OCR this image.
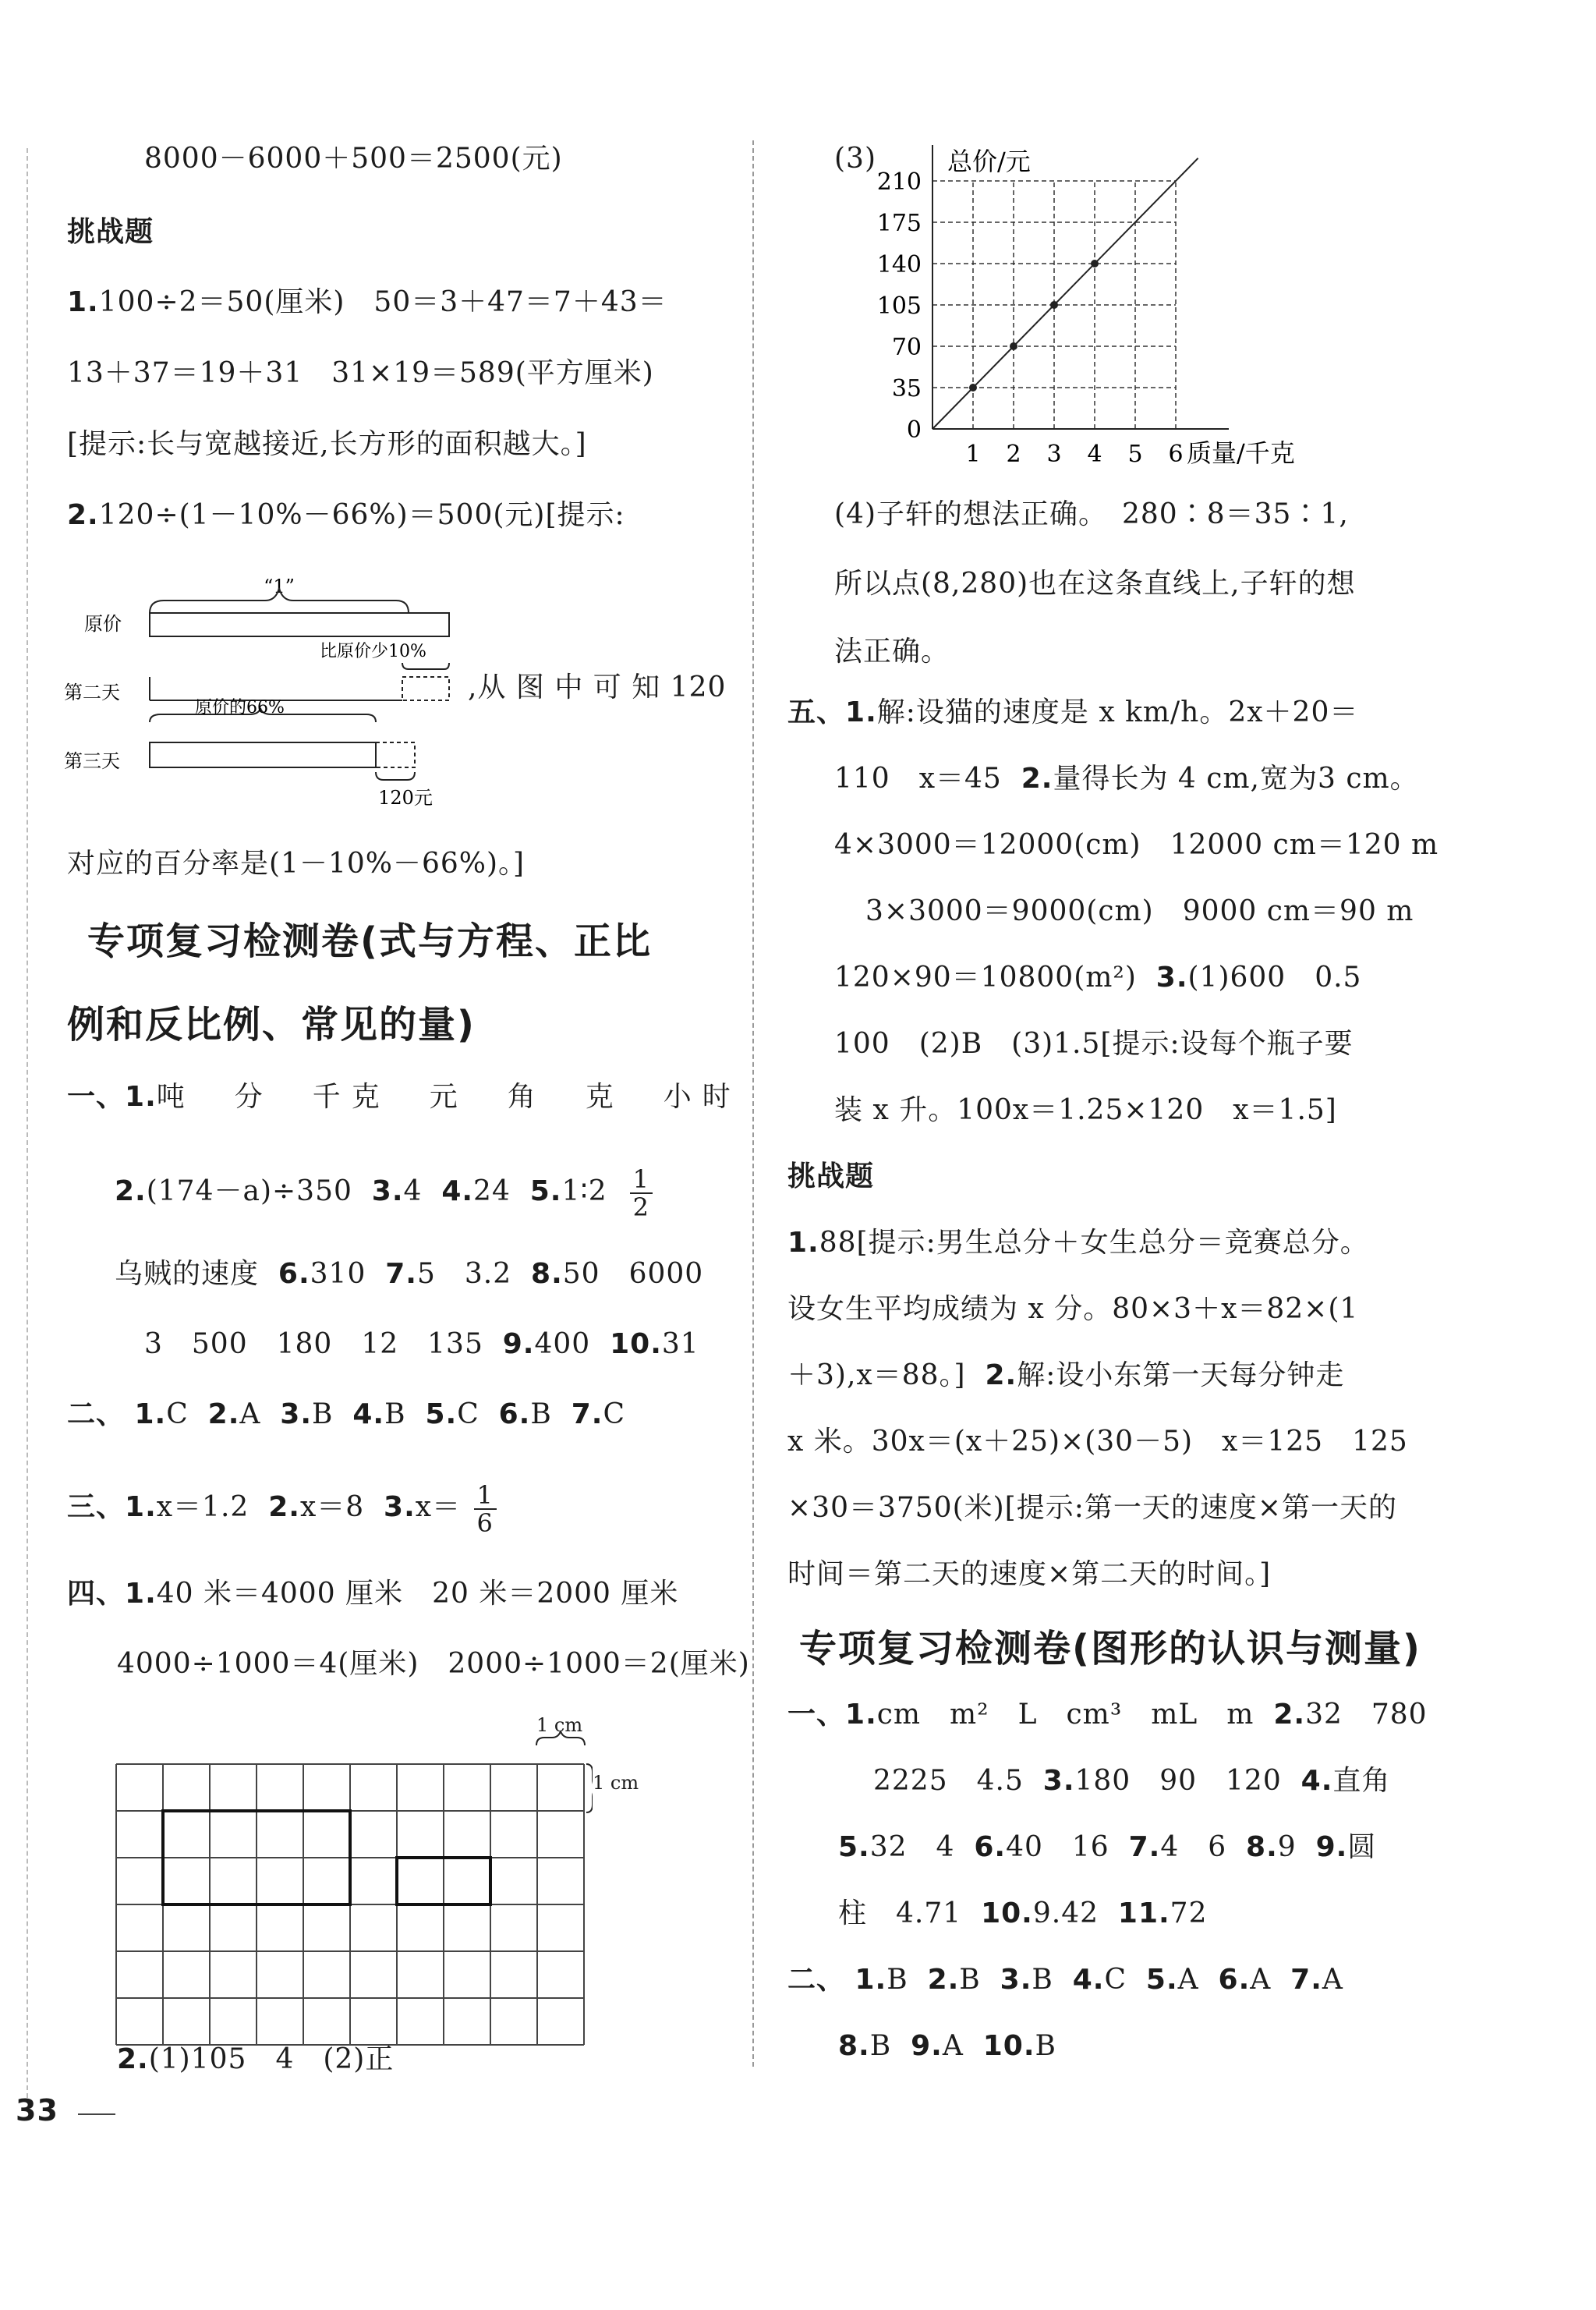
8000－6000＋500＝2500(元)
挑战题
1.100÷2＝50(厘米)　50＝3＋47＝7＋43＝
13＋37＝19＋31　31×19＝589(平方厘米)
[提示:长与宽越接近,长方形的面积越大。]
2.120÷(1－10%－66%)＝500(元)[提示:
“1”
原价
比原价少10%
第二天
原价的66%
第三天
120元
,从 图 中 可 知 120
对应的百分率是(1－10%－66%)。]
专项复习检测卷(式与方程、正比
例和反比例、常见的量)
一、1.吨　分　千克　元　角　克　小时
2.(174－a)÷350 3.4 4.24 5.1∶2 $\frac{1}{2}$
乌贼的速度 6.310 7.5　3.2 8.50　6000
3　500　180　12　135 9.400 10.31
二、 1.C 2.A 3.B 4.B 5.C 6.B 7.C
三、1.x＝1.2 2.x＝8 $3.x= \frac{1}{6}$
四、1.40 米＝4000 厘米　20 米＝2000 厘米
4000÷1000＝4(厘米)　2000÷1000＝2(厘米)
1 cm
1 cm
2.(1)105　4　(2)正
33
(3)	总价/元
0
35
70
105
140
175
210
1 2 3 4 5 6 质量/千克
(4)子轩的想法正确。　280∶8＝35∶1,
所以点(8,280)也在这条直线上,子轩的想
法正确。
五、1.解:设猫的速度是 x km/h。2x＋20＝
110　x＝45 2.量得长为 4 cm,宽为3 cm。
4×3000＝12000(cm)　12000 cm＝120 m
3×3000＝9000(cm)　9000 cm＝90 m
120×90＝10800(m²) 3.(1)600　0.5
100　(2)B　(3)1.5[提示:设每个瓶子要
装 x 升。100x＝1.25×120　x＝1.5]
挑战题
1.88[提示:男生总分＋女生总分＝竞赛总分。
设女生平均成绩为 x 分。80×3＋x＝82×(1
＋3),x＝88。] 2.解:设小东第一天每分钟走
x 米。30x＝(x＋25)×(30－5)　x＝125　125
×30＝3750(米)[提示:第一天的速度×第一天的
时间＝第二天的速度×第二天的时间。]
专项复习检测卷(图形的认识与测量)
一、1.cm　m²　L　cm³　mL　m 2.32　780
2225　4.5 3.180　90　120 4.直角
5.32　4 6.40　16 7.4　6 8.9 9.圆
柱　4.71 10.9.42 11.72
二、 1.B 2.B 3.B 4.C 5.A 6.A 7.A
8.B 9.A 10.B
